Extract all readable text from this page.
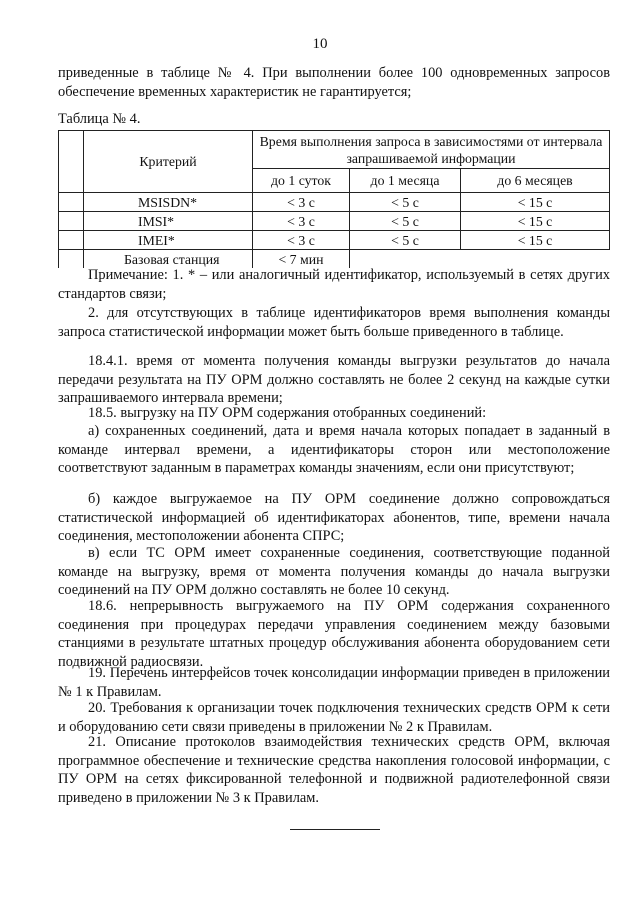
10

приведенные в таблице № 4. При выполнении более 100 одновременных запросов обеспечение временных характеристик не гарантируется;

Таблица № 4.
	Критерий	Время выполнения запроса в зависимостями от интервала запрашиваемой информации		
		до 1 суток	до 1 месяца	до 6 месяцев
	MSISDN*	< 3 с	< 5 с	< 15 с
	IMSI*	< 3 с	< 5 с	< 15 с
	IMEI*	< 3 с	< 5 с	< 15 с
	Базовая станция	< 7 мин		

Примечание: 1. * – или аналогичный идентификатор, используемый в сетях других стандартов связи;

2. для отсутствующих в таблице идентификаторов время выполнения команды запроса статистической информации может быть больше приведенного в таблице.

18.4.1. время от момента получения команды выгрузки результатов до начала передачи результата на ПУ ОРМ должно составлять не более 2 секунд на каждые сутки запрашиваемого интервала времени;

18.5. выгрузку на ПУ ОРМ содержания отобранных соединений:

а) сохраненных соединений, дата и время начала которых попадает в заданный в команде интервал времени, а идентификаторы сторон или местоположение соответствуют заданным в параметрах команды значениям, если они присутствуют;

б) каждое выгружаемое на ПУ ОРМ соединение должно сопровождаться статистической информацией об идентификаторах абонентов, типе, времени начала соединения, местоположении абонента СПРС;

в) если ТС ОРМ имеет сохраненные соединения, соответствующие поданной команде на выгрузку, время от момента получения команды до начала выгрузки соединений на ПУ ОРМ должно составлять не более 10 секунд.

18.6. непрерывность выгружаемого на ПУ ОРМ содержания сохраненного соединения при процедурах передачи управления соединением между базовыми станциями в результате штатных процедур обслуживания абонента оборудованием сети подвижной радиосвязи.

19. Перечень интерфейсов точек консолидации информации приведен в приложении № 1 к Правилам.

20. Требования к организации точек подключения технических средств ОРМ к сети и оборудованию сети связи приведены в приложении № 2 к Правилам.

21. Описание протоколов взаимодействия технических средств ОРМ, включая программное обеспечение и технические средства накопления голосовой информации, с ПУ ОРМ на сетях фиксированной телефонной и подвижной радиотелефонной связи приведено в приложении № 3 к Правилам.
